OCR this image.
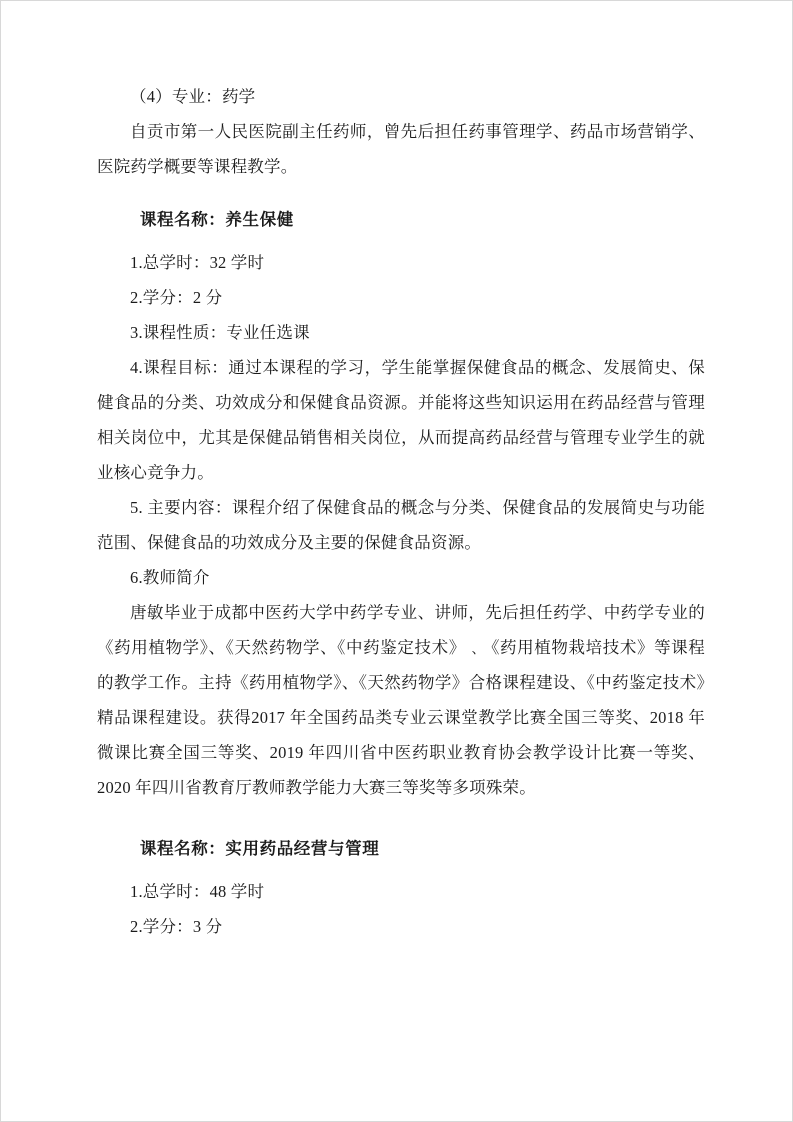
（4）专业：药学

自贡市第一人民医院副主任药师，曾先后担任药事管理学、药品市场营销学、医院药学概要等课程教学。

课程名称：养生保健

1.总学时：32 学时

2.学分：2 分

3.课程性质：专业任选课

4.课程目标：通过本课程的学习，学生能掌握保健食品的概念、发展简史、保健食品的分类、功效成分和保健食品资源。并能将这些知识运用在药品经营与管理相关岗位中，尤其是保健品销售相关岗位，从而提高药品经营与管理专业学生的就业核心竞争力。

5. 主要内容：课程介绍了保健食品的概念与分类、保健食品的发展简史与功能范围、保健食品的功效成分及主要的保健食品资源。

6.教师简介

唐敏毕业于成都中医药大学中药学专业、讲师，先后担任药学、中药学专业的《药用植物学》、《天然药物学、《中药鉴定技术》﹑《药用植物栽培技术》等课程的教学工作。主持《药用植物学》、《天然药物学》合格课程建设、《中药鉴定技术》精品课程建设。获得2017 年全国药品类专业云课堂教学比赛全国三等奖、2018 年微课比赛全国三等奖、2019 年四川省中医药职业教育协会教学设计比赛一等奖、2020 年四川省教育厅教师教学能力大赛三等奖等多项殊荣。

课程名称：实用药品经营与管理

1.总学时：48 学时

2.学分：3 分
